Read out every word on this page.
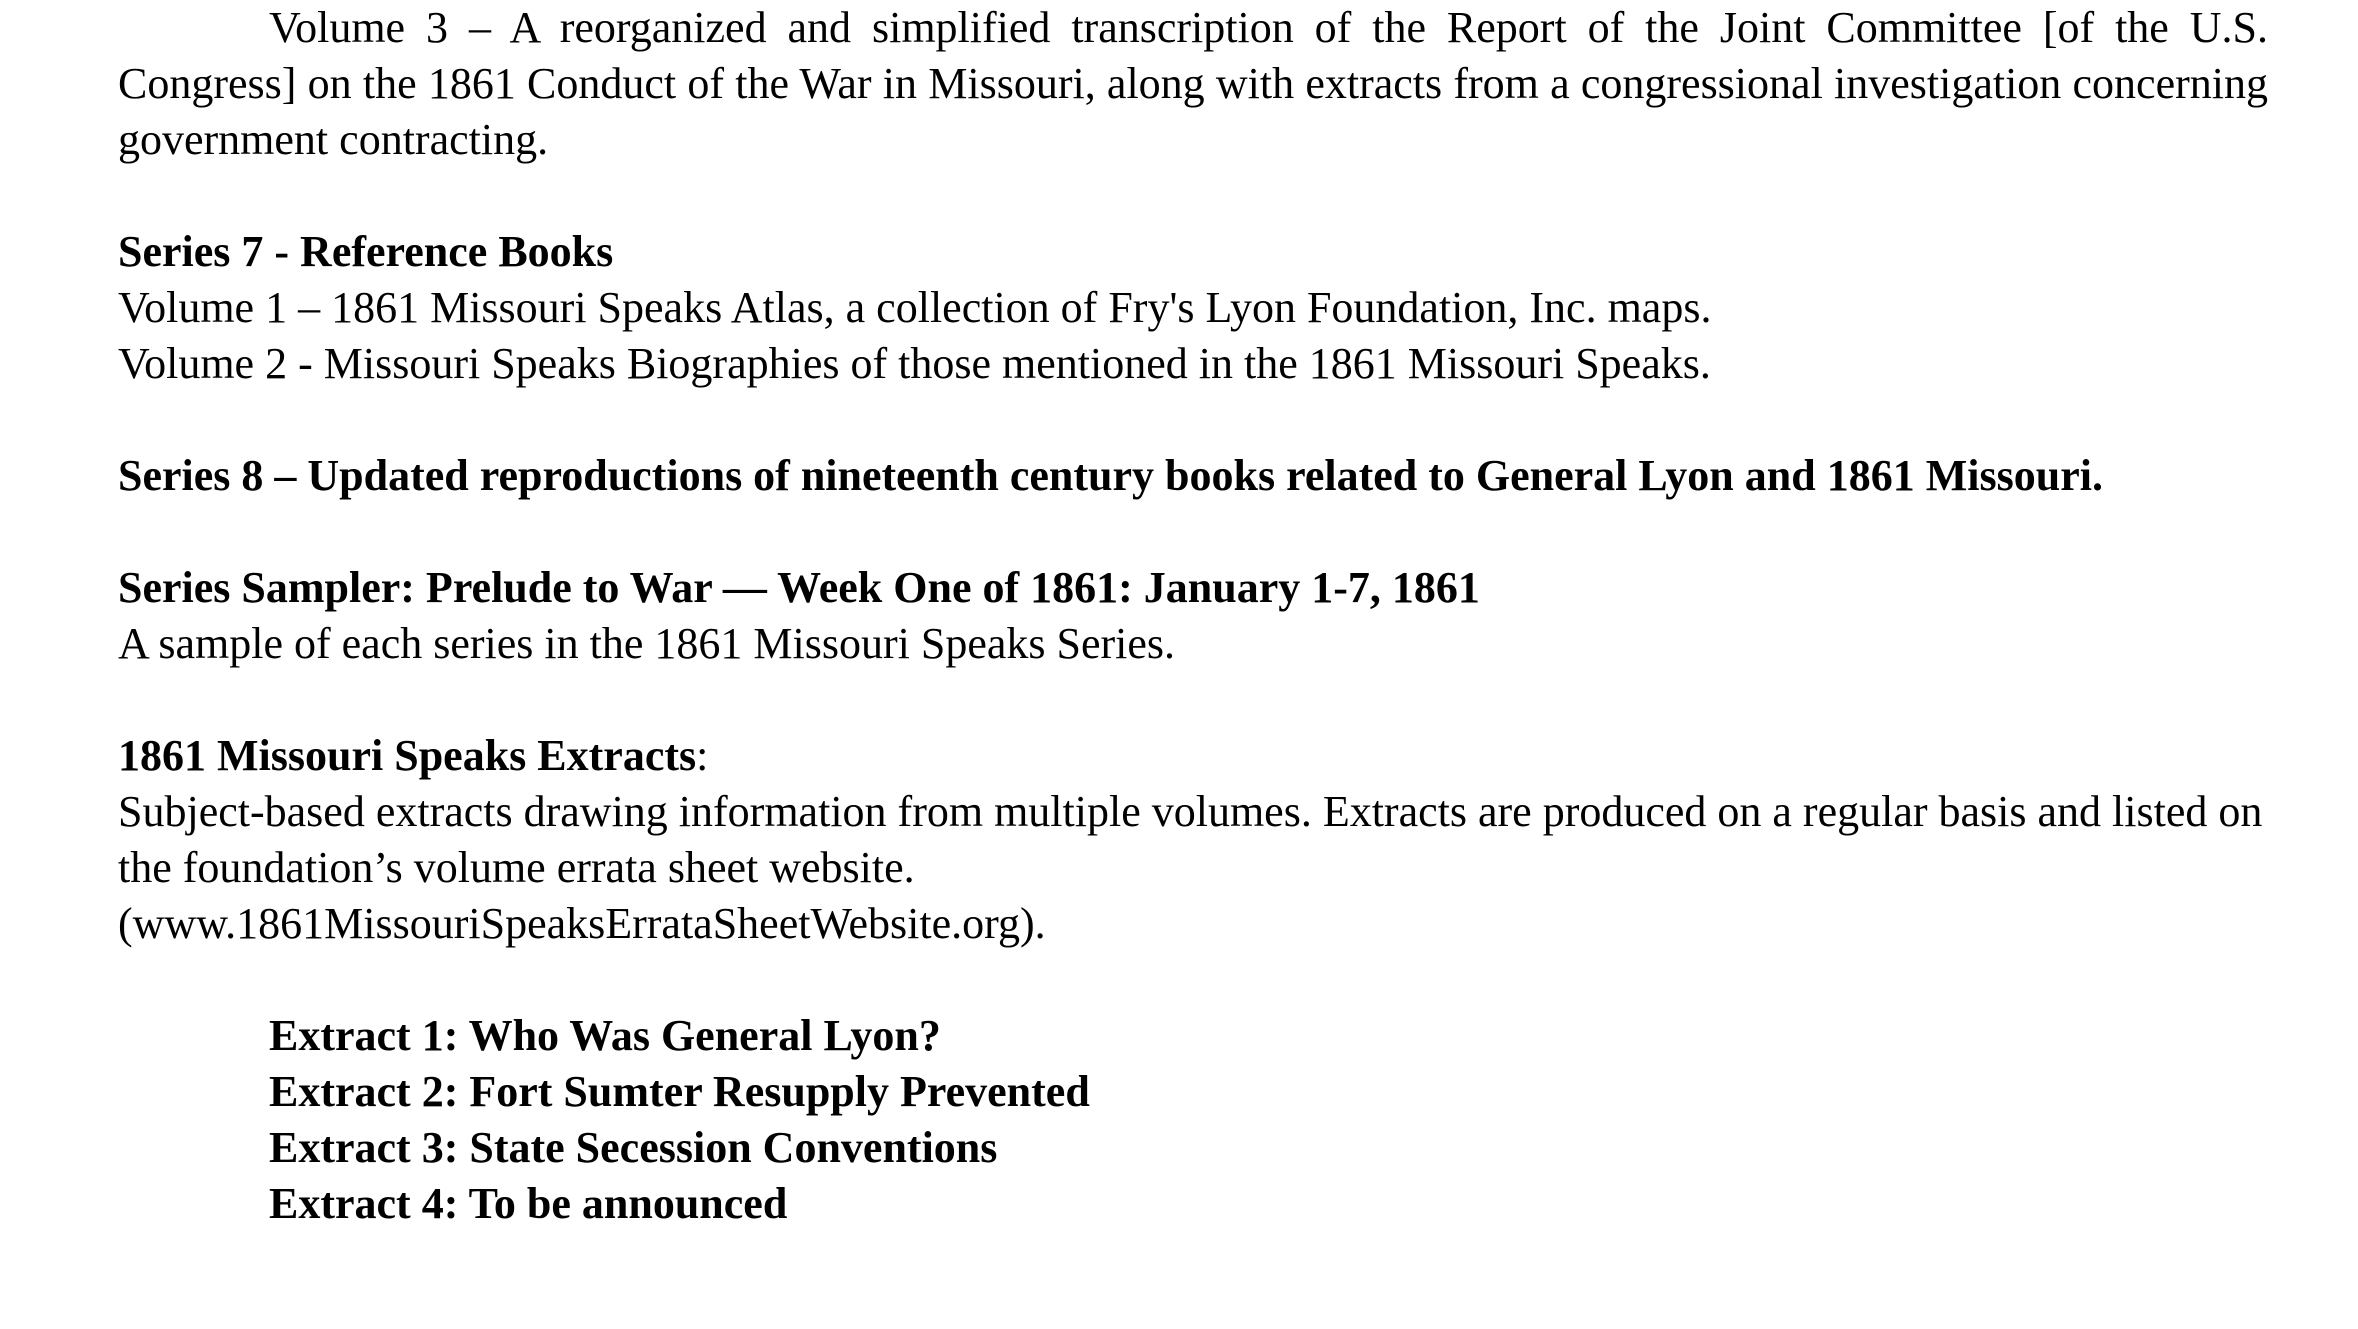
Volume 3 – A reorganized and simplified transcription of the Report of the Joint Committee [of the U.S. Congress] on the 1861 Conduct of the War in Missouri, along with extracts from a congressional investigation concerning government contracting.

Series 7 - Reference Books

Volume 1 – 1861 Missouri Speaks Atlas, a collection of Fry's Lyon Foundation, Inc. maps.

Volume 2 - Missouri Speaks Biographies of those mentioned in the 1861 Missouri Speaks.

Series 8 – Updated reproductions of nineteenth century books related to General Lyon and 1861 Missouri.

Series Sampler: Prelude to War — Week One of 1861: January 1-7, 1861

A sample of each series in the 1861 Missouri Speaks Series.

1861 Missouri Speaks Extracts:

Subject-based extracts drawing information from multiple volumes. Extracts are produced on a regular basis and listed on the foundation’s volume errata sheet website.

(www.1861MissouriSpeaksErrataSheetWebsite.org).

Extract 1: Who Was General Lyon?

Extract 2: Fort Sumter Resupply Prevented

Extract 3: State Secession Conventions

Extract 4: To be announced
